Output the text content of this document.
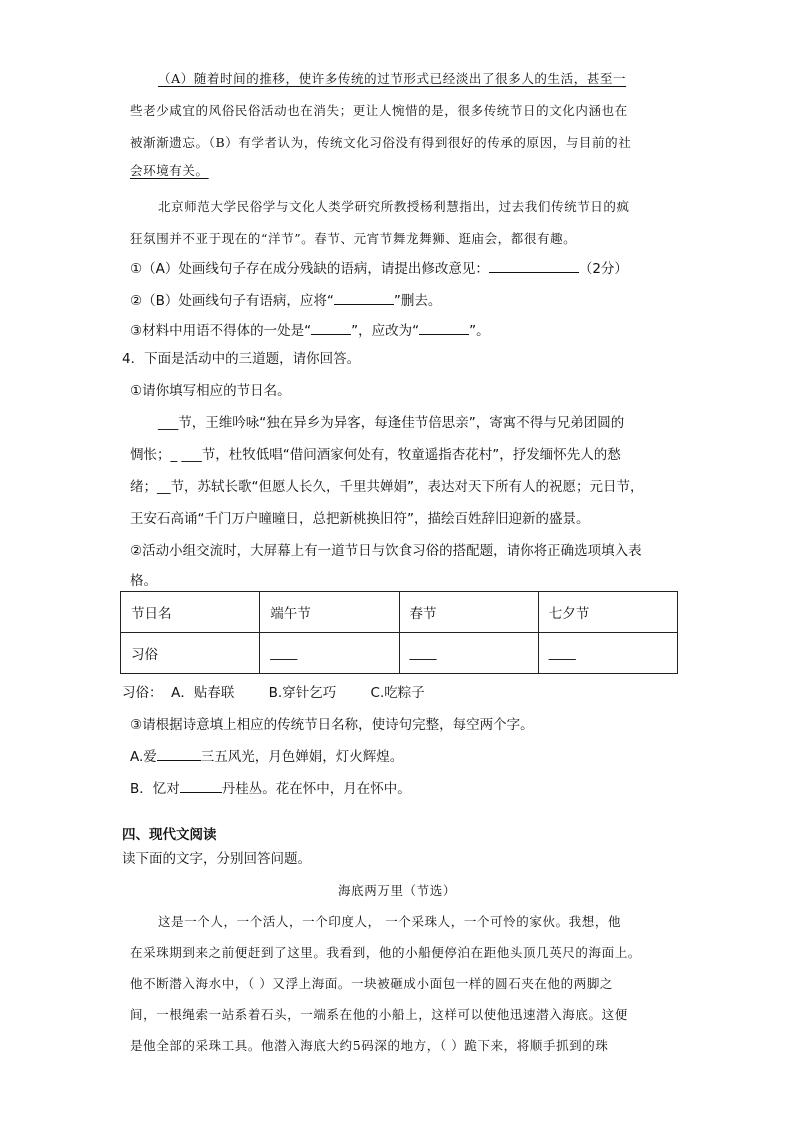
（A）随着时间的推移，使许多传统的过节形式已经淡出了很多人的生活，甚至一
些老少咸宜的风俗民俗活动也在消失；更让人惋惜的是，很多传统节日的文化内涵也在
被渐渐遗忘。（B）有学者认为，传统文化习俗没有得到很好的传承的原因，与目前的社
会环境有关。
北京师范大学民俗学与文化人类学研究所教授杨利慧指出，过去我们传统节日的疯
狂氛围并不亚于现在的“洋节”。春节、元宵节舞龙舞狮、逛庙会，都很有趣。
①（A）处画线句子存在成分残缺的语病，请提出修改意见：	（2分）
②（B）处画线句子有语病，应将“	”删去。
③材料中用语不得体的一处是“	”，应改为“	”。
4．下面是活动中的三道题，请你回答。
①请你填写相应的节日名。
___节，王维吟咏“独在异乡为异客，每逢佳节倍思亲”，寄寓不得与兄弟团圆的
惆怅；_ ___节，杜牧低唱“借问酒家何处有，牧童遥指杏花村”，抒发缅怀先人的愁
绪；__节，苏轼长歌“但愿人长久，千里共婵娟”，表达对天下所有人的祝愿；元日节，
王安石高诵“千门万户曈曈日，总把新桃换旧符”，描绘百姓辞旧迎新的盛景。
②活动小组交流时，大屏幕上有一道节日与饮食习俗的搭配题，请你将正确选项填入表
格。
节日名	端午节	春节	七夕节
习俗	____	____	____
习俗：  A．贴春联        B.穿针乞巧        C.吃粽子
③请根据诗意填上相应的传统节日名称，使诗句完整，每空两个字。
A.爱	三五风光，月色婵娟，灯火辉煌。
B．忆对	丹桂丛。花在怀中，月在怀中。
四、现代文阅读
读下面的文字，分别回答问题。
海底两万里（节选）
这是一个人，一个活人，一个印度人， 一个采珠人，一个可怜的家伙。我想，他
在采珠期到来之前便赶到了这里。我看到，他的小船便停泊在距他头顶几英尺的海面上。
他不断潜入海水中，（ ）又浮上海面。一块被砸成小面包一样的圆石夹在他的两脚之
间，一根绳索一站系着石头，一端系在他的小船上，这样可以使他迅速潜入海底。这便
是他全部的采珠工具。他潜入海底大约5码深的地方，（ ）跪下来，将顺手抓到的珠
